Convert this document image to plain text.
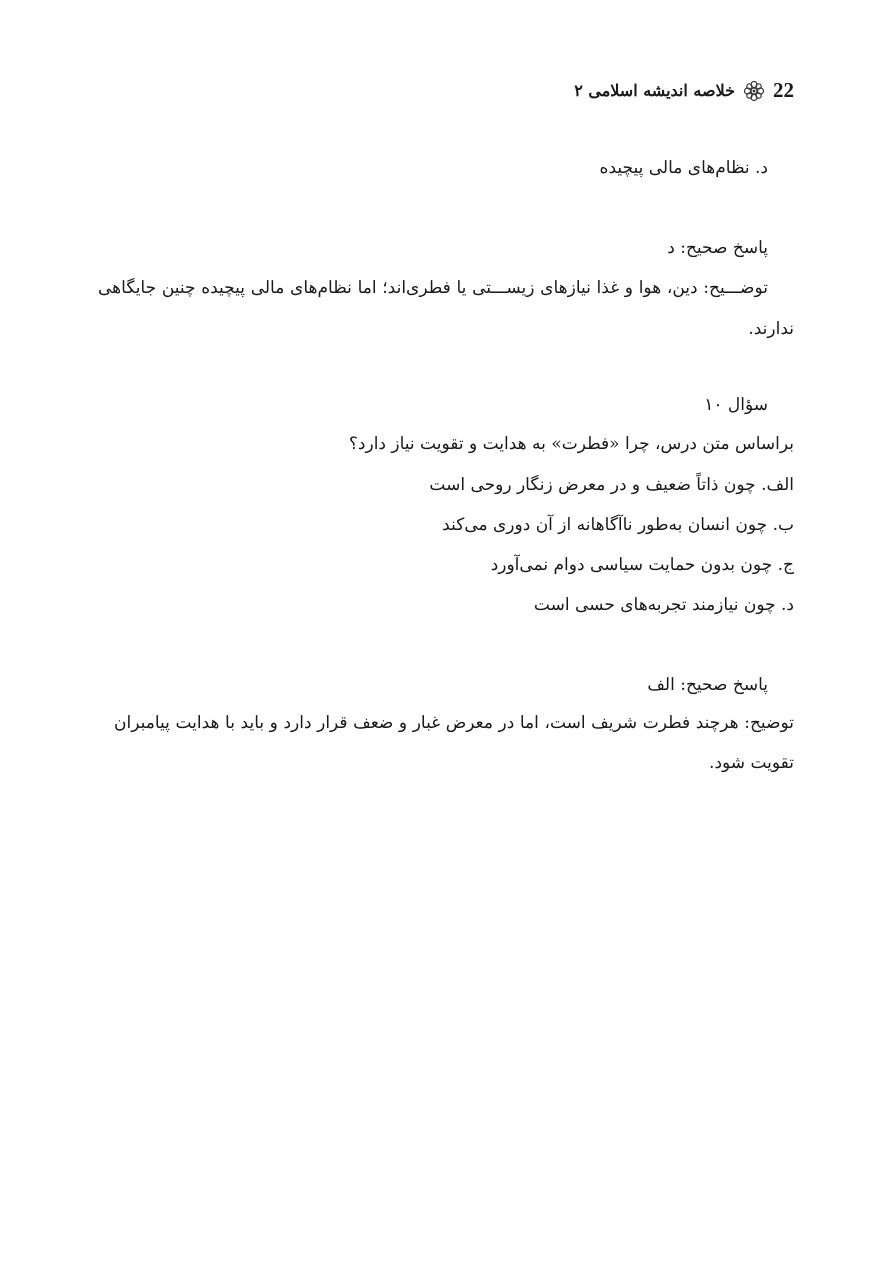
22
خلاصه اندیشه اسلامی ۲
د. نظام‌های مالی پیچیده
پاسخ صحیح: د
توضـــیح: دین، هوا و غذا نیازهای زیســـتی یا فطری‌اند؛ اما نظام‌های مالی پیچیده چنین جایگاهی
ندارند.
سؤال ۱۰
براساس متن درس، چرا «فطرت» به هدایت و تقویت نیاز دارد؟
الف. چون ذاتاً ضعیف و در معرض زنگار روحی است
ب. چون انسان به‌طور ناآگاهانه از آن دوری می‌کند
ج. چون بدون حمایت سیاسی دوام نمی‌آورد
د. چون نیازمند تجربه‌های حسی است
پاسخ صحیح: الف
توضیح: هرچند فطرت شریف است، اما در معرض غبار و ضعف قرار دارد و باید با هدایت پیامبران
تقویت شود.
